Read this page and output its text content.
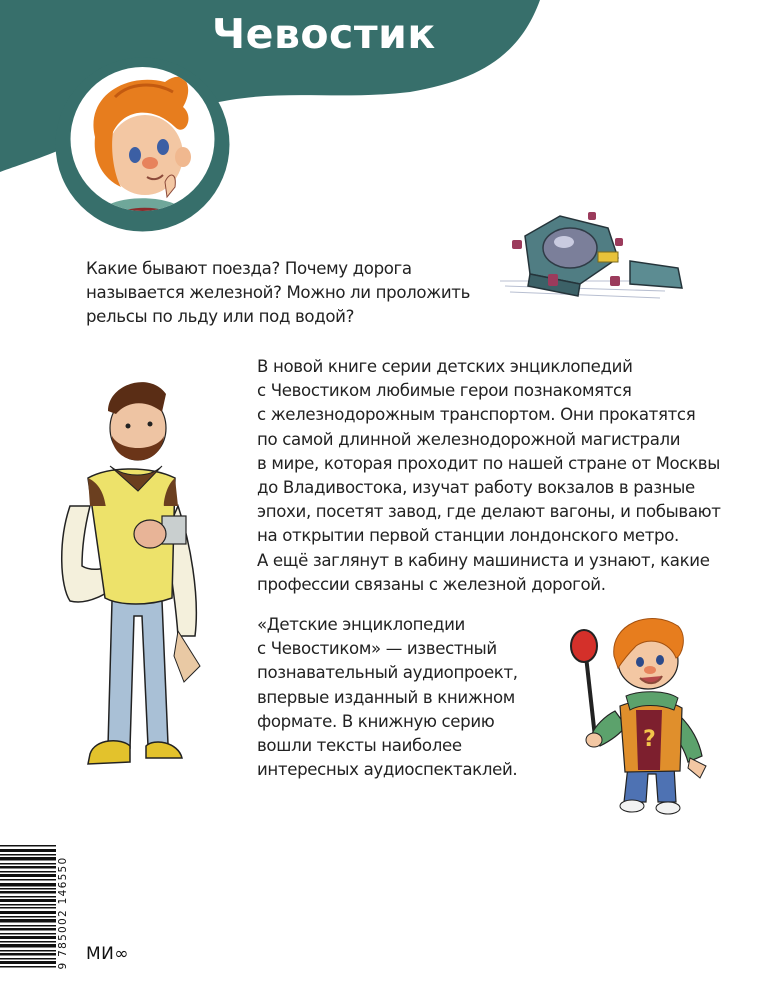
Чевостик
Какие бывают поезда? Почему дорога
называется железной? Можно ли проложить
рельсы по льду или под водой?
В новой книге серии детских энциклопедий
с Чевостиком любимые герои познакомятся
с железнодорожным транспортом. Они прокатятся
по самой длинной железнодорожной магистрали
в мире, которая проходит по нашей стране от Москвы
до Владивостока, изучат работу вокзалов в разные
эпохи, посетят завод, где делают вагоны, и побывают
на открытии первой станции лондонского метро.
А ещё заглянут в кабину машиниста и узнают, какие
профессии связаны с железной дорогой.
«Детские энциклопедии
с Чевостиком» — известный
познавательный аудиопроект,
впервые изданный в книжном
формате. В книжную серию
вошли тексты наиболее
интересных аудиоспектаклей.
?
9 785002 146550 МИ∞
